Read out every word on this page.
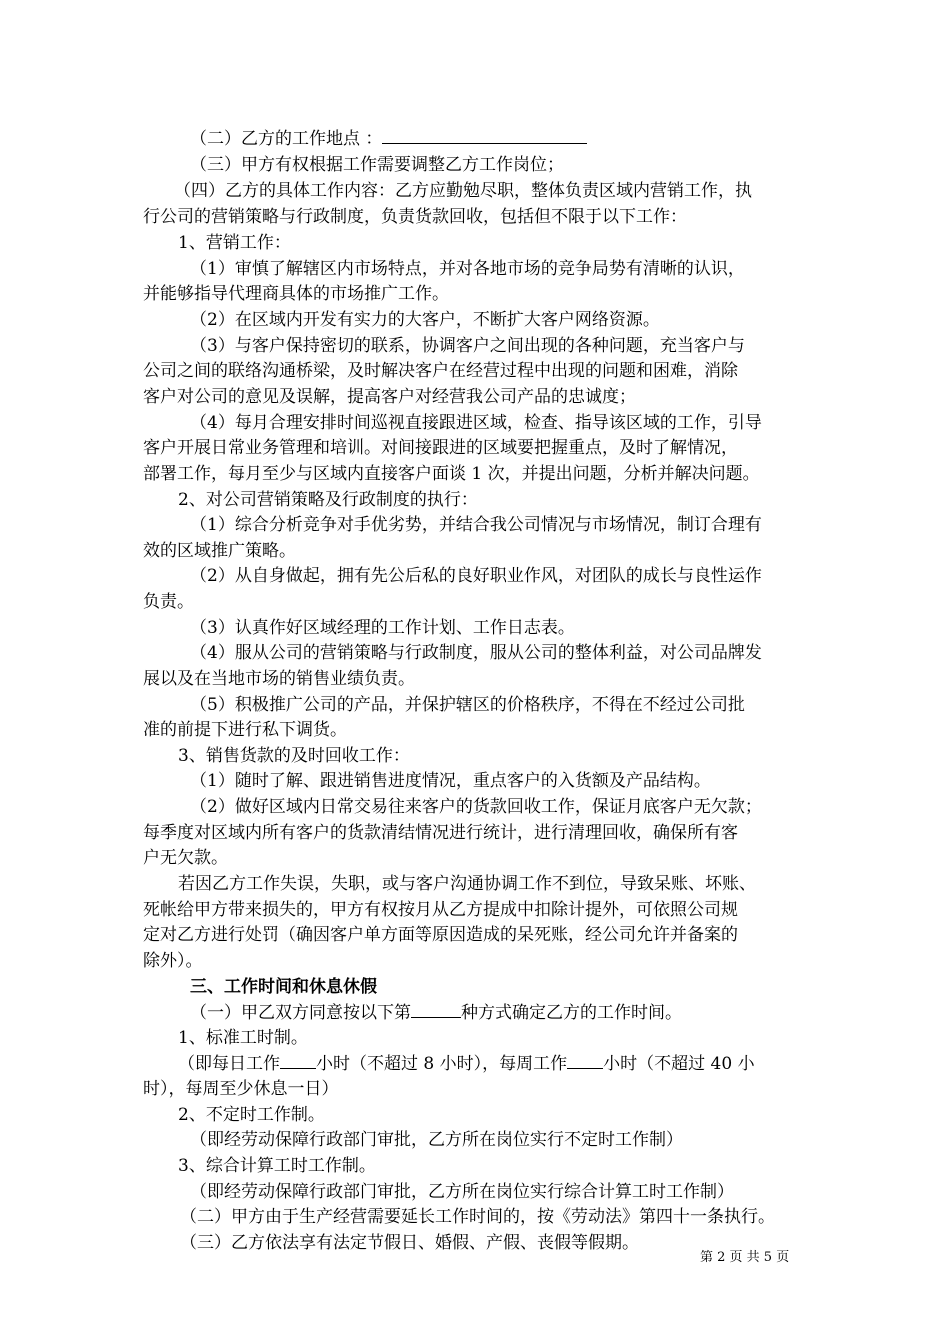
（二）乙方的工作地点 ：
（三）甲方有权根据工作需要调整乙方工作岗位；
（四）乙方的具体工作内容：乙方应勤勉尽职，整体负责区域内营销工作，执
行公司的营销策略与行政制度，负责货款回收，包括但不限于以下工作：
1、营销工作：
（1）审慎了解辖区内市场特点，并对各地市场的竞争局势有清晰的认识，
并能够指导代理商具体的市场推广工作。
（2）在区域内开发有实力的大客户，不断扩大客户网络资源。
（3）与客户保持密切的联系，协调客户之间出现的各种问题，充当客户与
公司之间的联络沟通桥梁，及时解决客户在经营过程中出现的问题和困难，消除
客户对公司的意见及误解，提高客户对经营我公司产品的忠诚度；
（4）每月合理安排时间巡视直接跟进区域，检查、指导该区域的工作，引导
客户开展日常业务管理和培训。对间接跟进的区域要把握重点，及时了解情况，
部署工作，每月至少与区域内直接客户面谈 1 次，并提出问题，分析并解决问题。
2、对公司营销策略及行政制度的执行：
（1）综合分析竞争对手优劣势，并结合我公司情况与市场情况，制订合理有
效的区域推广策略。
（2）从自身做起，拥有先公后私的良好职业作风，对团队的成长与良性运作
负责。
（3）认真作好区域经理的工作计划、工作日志表。
（4）服从公司的营销策略与行政制度，服从公司的整体利益，对公司品牌发
展以及在当地市场的销售业绩负责。
（5）积极推广公司的产品，并保护辖区的价格秩序，不得在不经过公司批
准的前提下进行私下调货。
3、销售货款的及时回收工作：
（1）随时了解、跟进销售进度情况，重点客户的入货额及产品结构。
（2）做好区域内日常交易往来客户的货款回收工作，保证月底客户无欠款；
每季度对区域内所有客户的货款清结情况进行统计，进行清理回收，确保所有客
户无欠款。
若因乙方工作失误，失职，或与客户沟通协调工作不到位，导致呆账、坏账、
死帐给甲方带来损失的，甲方有权按月从乙方提成中扣除计提外，可依照公司规
定对乙方进行处罚（确因客户单方面等原因造成的呆死账，经公司允许并备案的
除外）。
三、工作时间和休息休假
（一）甲乙双方同意按以下第	种方式确定乙方的工作时间。
1、标准工时制。
（即每日工作 小时（不超过 8 小时），每周工作 小时（不超过 40 小
时），每周至少休息一日）
2、不定时工作制。
（即经劳动保障行政部门审批，乙方所在岗位实行不定时工作制）
3、综合计算工时工作制。
（即经劳动保障行政部门审批，乙方所在岗位实行综合计算工时工作制）
（二）甲方由于生产经营需要延长工作时间的，按《劳动法》第四十一条执行。
（三）乙方依法享有法定节假日、婚假、产假、丧假等假期。
第 2 页 共 5 页
